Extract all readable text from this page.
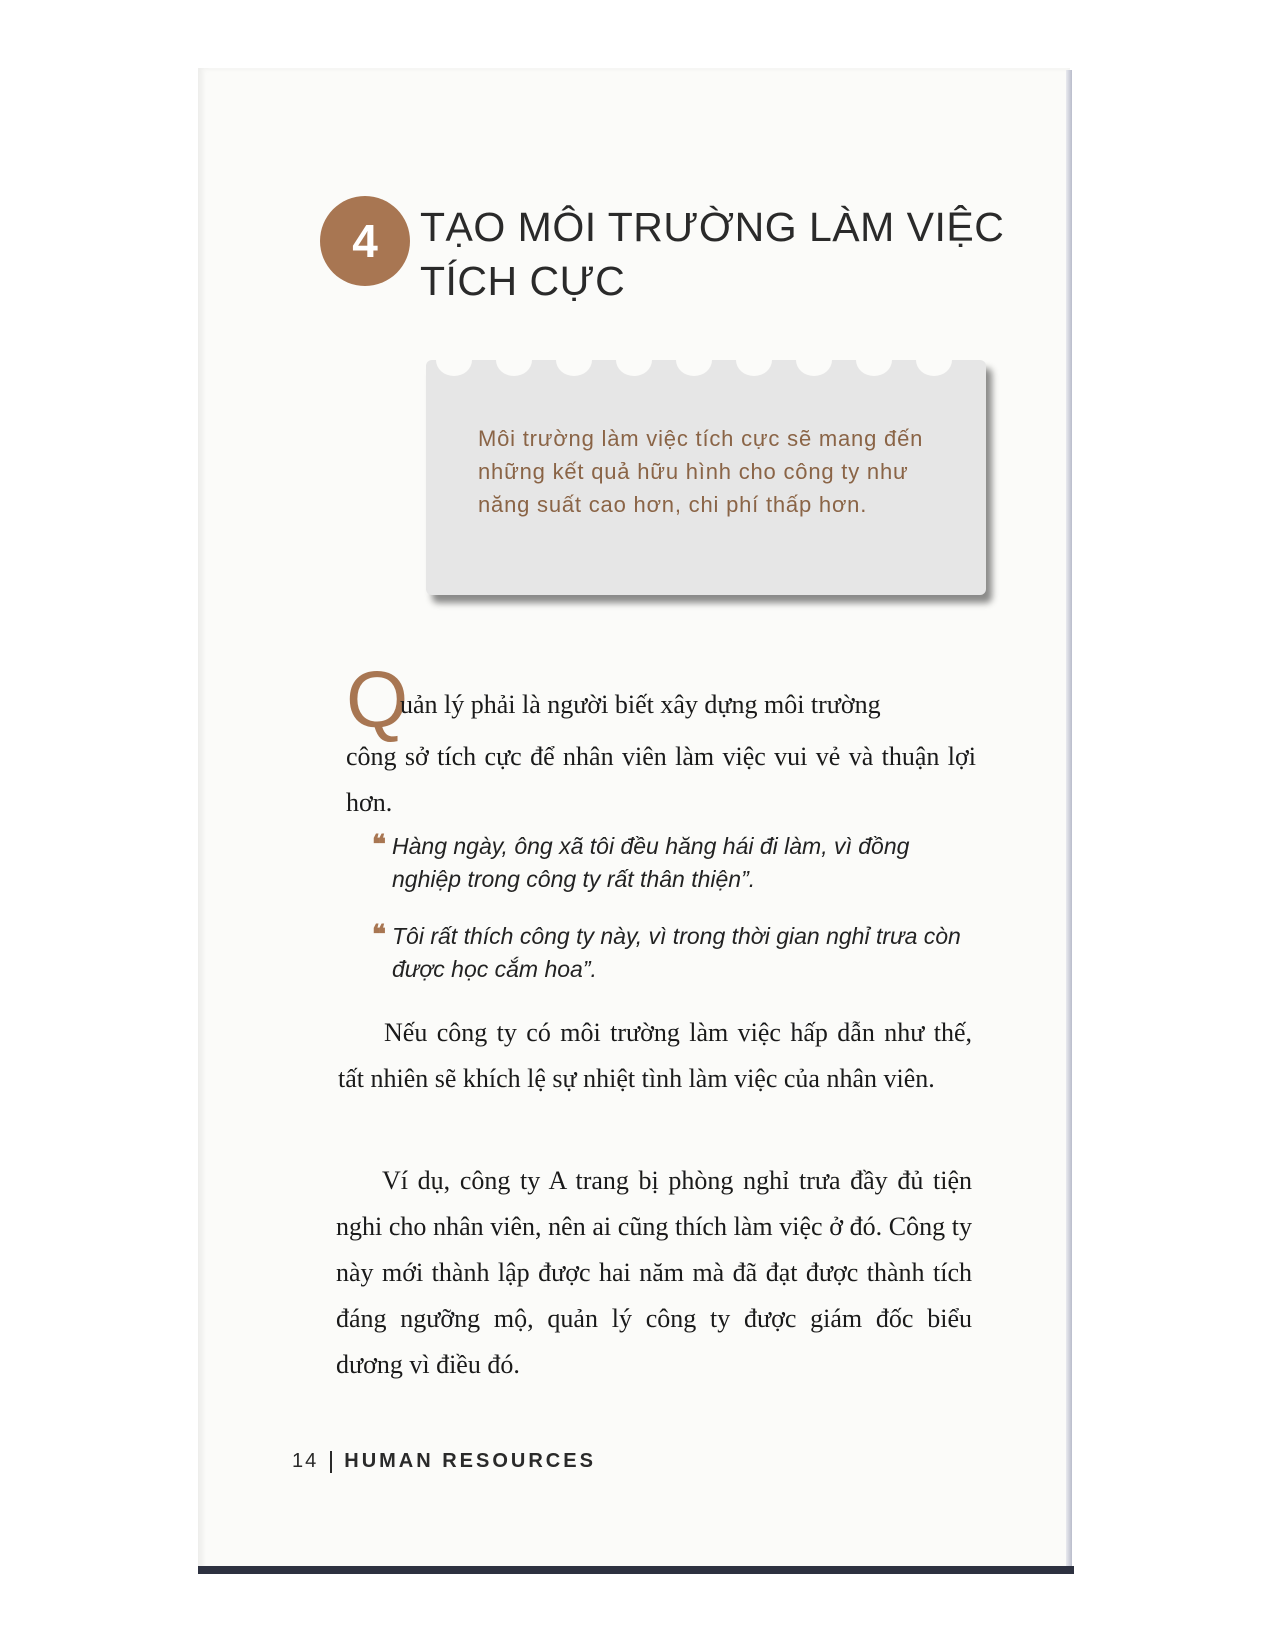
4	TẠO MÔI TRƯỜNG LÀM VIỆC
TÍCH CỰC
Môi trường làm việc tích cực sẽ mang đến những kết quả hữu hình cho công ty như năng suất cao hơn, chi phí thấp hơn.
Q
uản lý phải là người biết xây dựng môi trường
công sở tích cực để nhân viên làm việc vui vẻ và thuận lợi hơn.
❝ Hàng ngày, ông xã tôi đều hăng hái đi làm, vì đồng nghiệp trong công ty rất thân thiện”.
❝ Tôi rất thích công ty này, vì trong thời gian nghỉ trưa còn được học cắm hoa”.
Nếu công ty có môi trường làm việc hấp dẫn như thế, tất nhiên sẽ khích lệ sự nhiệt tình làm việc của nhân viên.
Ví dụ, công ty A trang bị phòng nghỉ trưa đầy đủ tiện nghi cho nhân viên, nên ai cũng thích làm việc ở đó. Công ty này mới thành lập được hai năm mà đã đạt được thành tích đáng ngưỡng mộ, quản lý công ty được giám đốc biểu dương vì điều đó.
14 HUMAN RESOURCES
